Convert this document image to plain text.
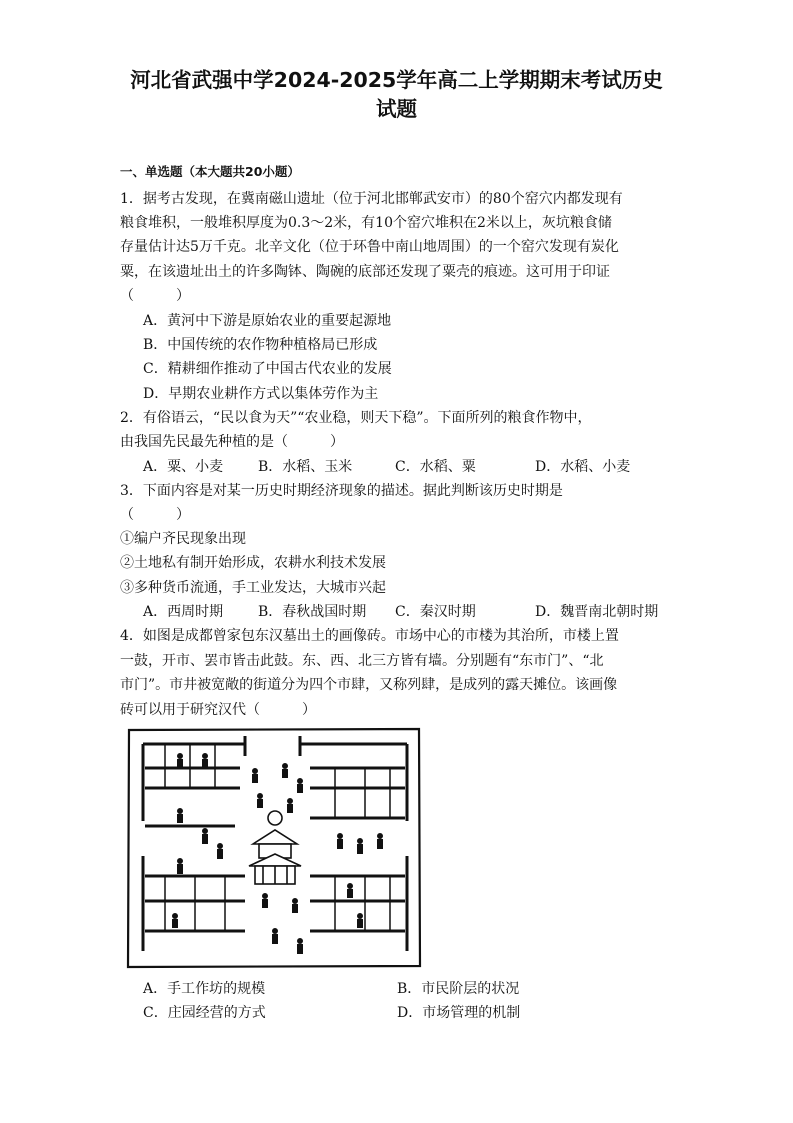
河北省武强中学2024-2025学年高二上学期期末考试历史
试题
一、单选题（本大题共20小题）
1．据考古发现，在冀南磁山遗址（位于河北邯郸武安市）的80个窑穴内都发现有
粮食堆积，一般堆积厚度为0.3～2米，有10个窑穴堆积在2米以上，灰坑粮食储
存量估计达5万千克。北辛文化（位于环鲁中南山地周围）的一个窑穴发现有炭化
粟，在该遗址出土的许多陶钵、陶碗的底部还发现了粟壳的痕迹。这可用于印证
（　　　）
A．黄河中下游是原始农业的重要起源地
B．中国传统的农作物种植格局已形成
C．精耕细作推动了中国古代农业的发展
D．早期农业耕作方式以集体劳作为主
2．有俗语云，“民以食为天”“农业稳，则天下稳”。下面所列的粮食作物中，
由我国先民最先种植的是（　　　）
A．粟、小麦 B．水稻、玉米	C．水稻、粟	D．水稻、小麦
3．下面内容是对某一历史时期经济现象的描述。据此判断该历史时期是
（　　　）
①编户齐民现象出现
②土地私有制开始形成，农耕水利技术发展
③多种货币流通，手工业发达，大城市兴起
A．西周时期 B．春秋战国时期 C．秦汉时期	D．魏晋南北朝时期
4．如图是成都曾家包东汉墓出土的画像砖。市场中心的市楼为其治所，市楼上置
一鼓，开市、罢市皆击此鼓。东、西、北三方皆有墙。分别题有“东市门”、“北
市门”。市井被宽敞的街道分为四个市肆，又称列肆，是成列的露天摊位。该画像
砖可以用于研究汉代（　　　）
A．手工作坊的规模	B．市民阶层的状况
C．庄园经营的方式	D．市场管理的机制
